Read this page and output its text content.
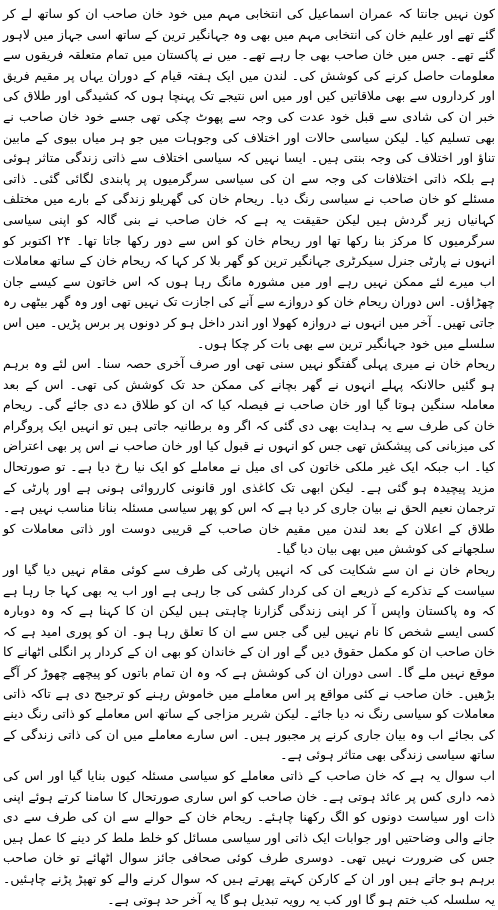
کون نہیں جانتا کہ عمران اسماعیل کی انتخابی مہم میں خود خان صاحب ان کو ساتھ لے کر گئے تھے اور علیم خان کی انتخابی مہم میں بھی وہ جہانگیر ترین کے ساتھ اسی جہاز میں لاہور گئے تھے۔ جس میں خان صاحب بھی جا رہے تھے۔ میں نے پاکستان میں تمام متعلقہ فریقوں سے معلومات حاصل کرنے کی کوشش کی۔ لندن میں ایک ہفتہ قیام کے دوران یہاں پر مقیم فریق اور کرداروں سے بھی ملاقاتیں کیں اور میں اس نتیجے تک پہنچا ہوں کہ کشیدگی اور طلاق کی خبر ان کی شادی سے قبل خود عدت کی وجہ سے پھوٹ چکی تھی جسے خود خان صاحب نے بھی تسلیم کیا۔ لیکن سیاسی حالات اور اختلاف کی وجوہات میں جو ہر میاں بیوی کے مابین تناؤ اور اختلاف کی وجہ بنتی ہیں۔ ایسا نہیں کہ سیاسی اختلاف سے ذاتی زندگی متاثر ہوئی ہے بلکہ ذاتی اختلافات کی وجہ سے ان کی سیاسی سرگرمیوں پر پابندی لگائی گئی۔ ذاتی مسئلے کو خان صاحب نے سیاسی رنگ دیا۔ ریحام خان کی گھریلو زندگی کے بارے میں مختلف کہانیاں زیر گردش ہیں لیکن حقیقت یہ ہے کہ خان صاحب نے بنی گالہ کو اپنی سیاسی سرگرمیوں کا مرکز بنا رکھا تھا اور ریحام خان کو اس سے دور رکھا جاتا تھا۔ ۲۴ اکتوبر کو انہوں نے پارٹی جنرل سیکرٹری جہانگیر ترین کو گھر بلا کر کہا کہ ریحام خان کے ساتھ معاملات اب میرے لئے ممکن نہیں رہے اور میں مشورہ مانگ رہا ہوں کہ اس خاتون سے کیسے جان چھڑاؤں۔ اس دوران ریحام خان کو دروازے سے آنے کی اجازت تک نہیں تھی اور وہ گھر بیٹھی رہ جاتی تھیں۔ آخر میں انہوں نے دروازہ کھولا اور اندر داخل ہو کر دونوں پر برس پڑیں۔ میں اس سلسلے میں خود جہانگیر ترین سے بھی بات کر چکا ہوں۔

ریحام خان نے میری پہلی گفتگو نہیں سنی تھی اور صرف آخری حصہ سنا۔ اس لئے وہ برہم ہو گئیں حالانکہ پہلے انہوں نے گھر بچانے کی ممکن حد تک کوشش کی تھی۔ اس کے بعد معاملہ سنگین ہوتا گیا اور خان صاحب نے فیصلہ کیا کہ ان کو طلاق دے دی جائے گی۔ ریحام خان کی طرف سے یہ ہدایت بھی دی گئی کہ اگر وہ برطانیہ جاتی ہیں تو انہیں ایک پروگرام کی میزبانی کی پیشکش تھی جس کو انہوں نے قبول کیا اور خان صاحب نے اس پر بھی اعتراض کیا۔ اب جبکہ ایک غیر ملکی خاتون کی ای میل نے معاملے کو ایک نیا رخ دیا ہے۔ تو صورتحال مزید پیچیدہ ہو گئی ہے۔ لیکن ابھی تک کاغذی اور قانونی کارروائی ہونی ہے اور پارٹی کے ترجمان نعیم الحق نے بیان جاری کر دیا ہے کہ اس کو پھر سیاسی مسئلہ بنانا مناسب نہیں ہے۔ طلاق کے اعلان کے بعد لندن میں مقیم خان صاحب کے قریبی دوست اور ذاتی معاملات کو سلجھانے کی کوشش میں بھی بیان دیا گیا۔

ریحام خان نے ان سے شکایت کی کہ انہیں پارٹی کی طرف سے کوئی مقام نہیں دیا گیا اور سیاست کے تذکرے کے ذریعے ان کی کردار کشی کی جا رہی ہے اور اب یہ بھی کہا جا رہا ہے کہ وہ پاکستان واپس آ کر اپنی زندگی گزارنا چاہتی ہیں لیکن ان کا کہنا ہے کہ وہ دوبارہ کسی ایسے شخص کا نام نہیں لیں گی جس سے ان کا تعلق رہا ہو۔ ان کو پوری امید ہے کہ خان صاحب ان کو مکمل حقوق دیں گے اور ان کے خاندان کو بھی ان کے کردار پر انگلی اٹھانے کا موقع نہیں ملے گا۔ اسی دوران ان کی کوشش ہے کہ وہ ان تمام باتوں کو پیچھے چھوڑ کر آگے بڑھیں۔ خان صاحب نے کئی مواقع پر اس معاملے میں خاموش رہنے کو ترجیح دی ہے تاکہ ذاتی معاملات کو سیاسی رنگ نہ دیا جائے۔ لیکن شریر مزاجی کے ساتھ اس معاملے کو ذاتی رنگ دینے کی بجائے اب وہ بیان جاری کرنے پر مجبور ہیں۔ اس سارے معاملے میں ان کی ذاتی زندگی کے ساتھ سیاسی زندگی بھی متاثر ہوئی ہے۔

اب سوال یہ ہے کہ خان صاحب کے ذاتی معاملے کو سیاسی مسئلہ کیوں بنایا گیا اور اس کی ذمہ داری کس پر عائد ہوتی ہے۔ خان صاحب کو اس ساری صورتحال کا سامنا کرتے ہوئے اپنی ذات اور سیاست دونوں کو الگ رکھنا چاہئے۔ ریحام خان کے حوالے سے ان کی طرف سے دی جانے والی وضاحتیں اور جوابات ایک ذاتی اور سیاسی مسائل کو خلط ملط کر دینے کا عمل ہیں جس کی ضرورت نہیں تھی۔ دوسری طرف کوئی صحافی جائز سوال اٹھائے تو خان صاحب برہم ہو جاتے ہیں اور ان کے کارکن کہتے پھرتے ہیں کہ سوال کرنے والے کو تھپڑ پڑنے چاہئیں۔ یہ سلسلہ کب ختم ہو گا اور کب یہ رویہ تبدیل ہو گا یہ آخر حد ہوتی ہے۔
